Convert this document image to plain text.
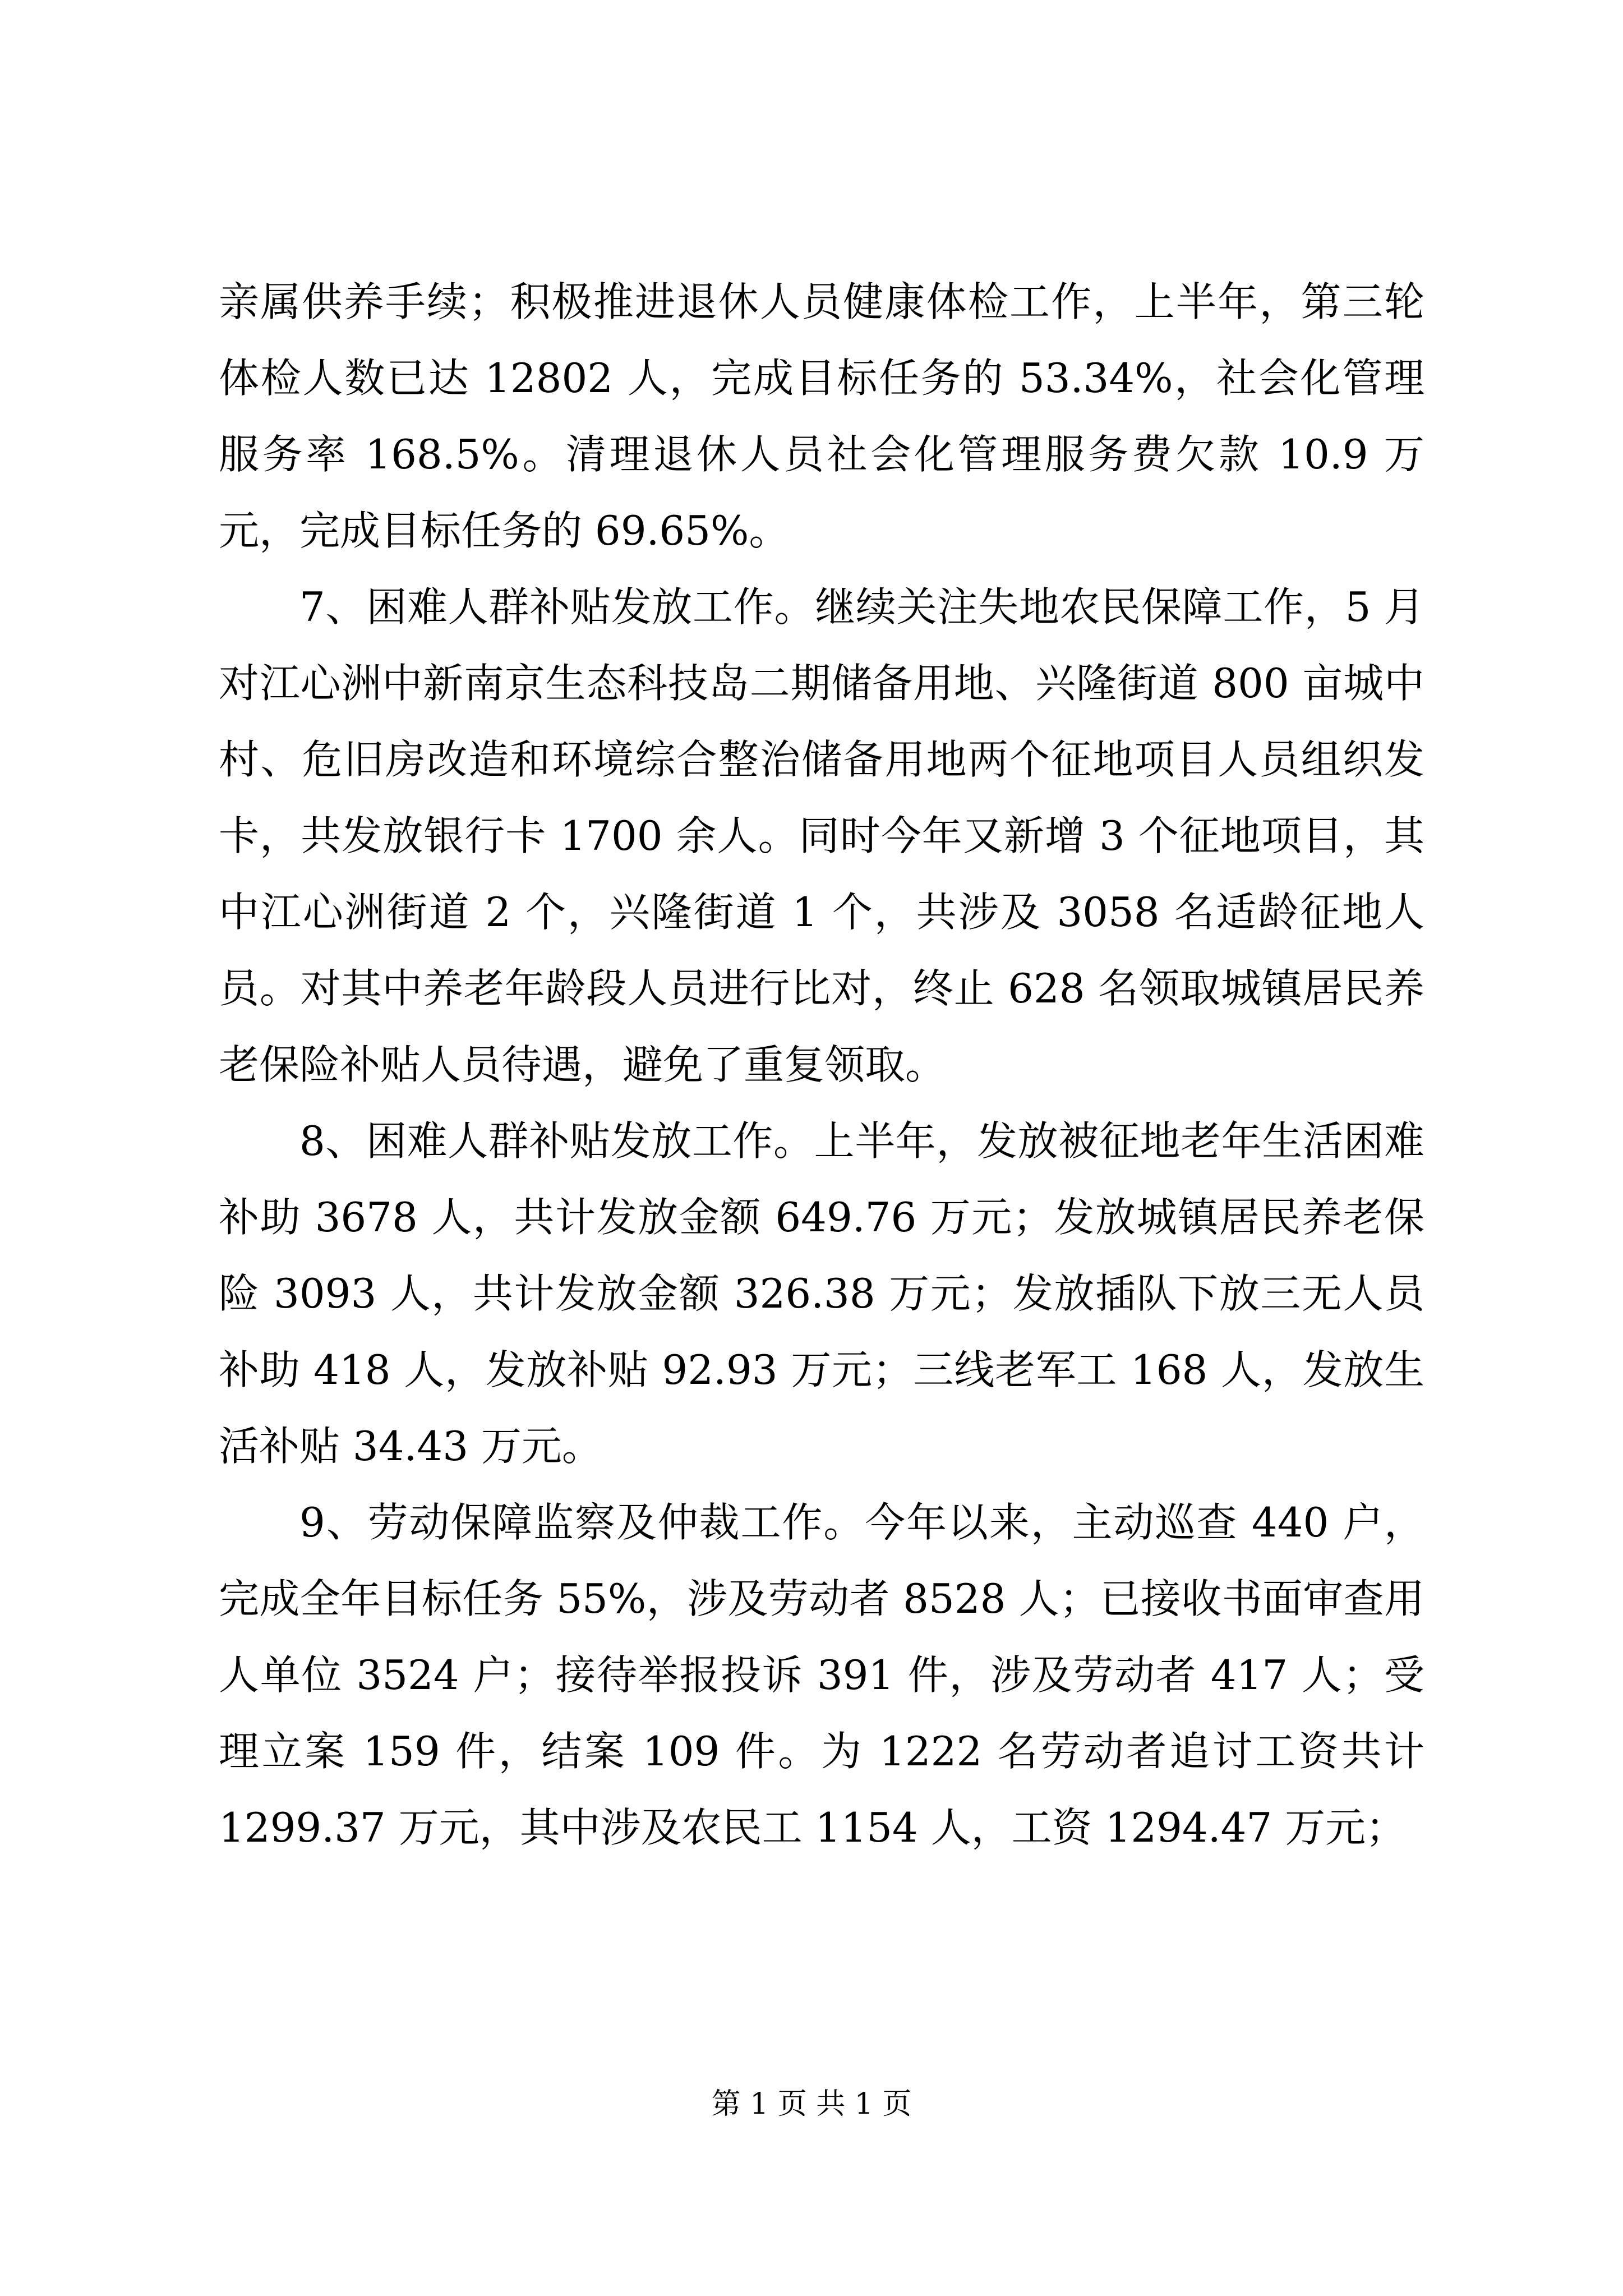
亲属供养手续；积极推进退休人员健康体检工作，上半年，第三轮体检人数已达 12802 人，完成目标任务的 53.34%，社会化管理服务率 168.5%。清理退休人员社会化管理服务费欠款 10.9 万元，完成目标任务的 69.65%。

7、困难人群补贴发放工作。继续关注失地农民保障工作，5 月对江心洲中新南京生态科技岛二期储备用地、兴隆街道 800 亩城中村、危旧房改造和环境综合整治储备用地两个征地项目人员组织发卡，共发放银行卡 1700 余人。同时今年又新增 3 个征地项目，其中江心洲街道 2 个，兴隆街道 1 个，共涉及 3058 名适龄征地人员。对其中养老年龄段人员进行比对，终止 628 名领取城镇居民养老保险补贴人员待遇，避免了重复领取。

8、困难人群补贴发放工作。上半年，发放被征地老年生活困难补助 3678 人，共计发放金额 649.76 万元；发放城镇居民养老保险 3093 人，共计发放金额 326.38 万元；发放插队下放三无人员补助 418 人，发放补贴 92.93 万元；三线老军工 168 人，发放生活补贴 34.43 万元。

9、劳动保障监察及仲裁工作。今年以来，主动巡查 440 户，完成全年目标任务 55%，涉及劳动者 8528 人；已接收书面审查用人单位 3524 户；接待举报投诉 391 件，涉及劳动者 417 人；受理立案 159 件，结案 109 件。为 1222 名劳动者追讨工资共计 1299.37 万元，其中涉及农民工 1154 人，工资 1294.47 万元；

第 1 页 共 1 页
